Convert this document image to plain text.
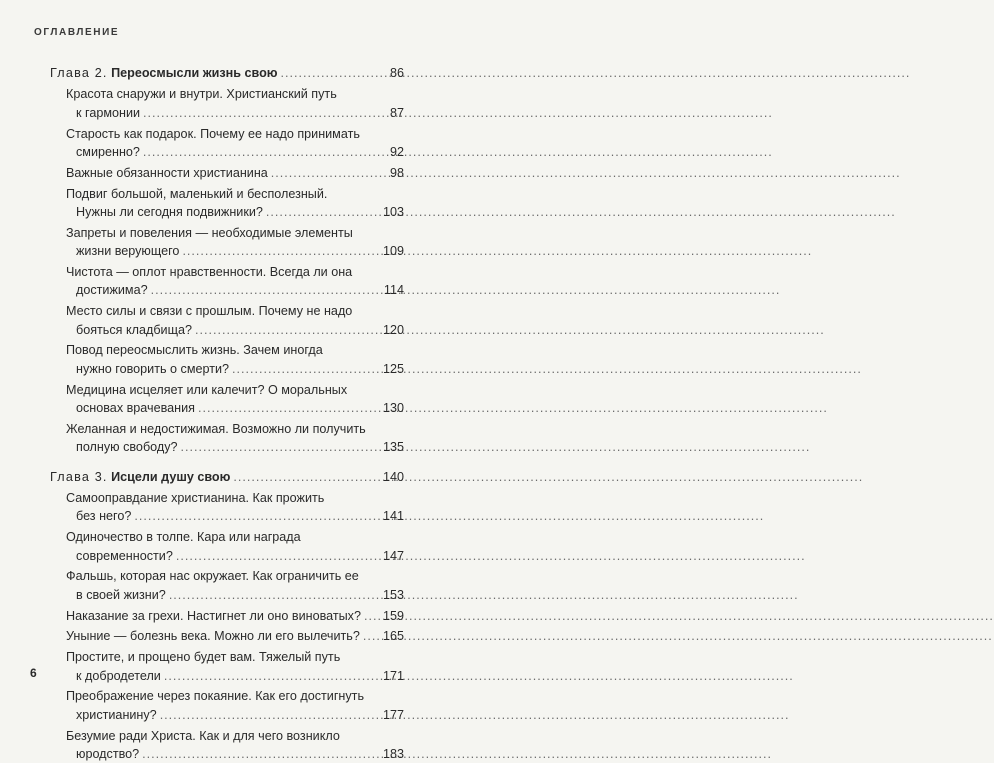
ОГЛАВЛЕНИЕ
Глава 2. Переосмысли жизнь свою .....	86
Красота снаружи и внутри. Христианский путь
к гармонии .....	87
Старость как подарок. Почему ее надо принимать
смиренно? .....	92
Важные обязанности христианина .....	98
Подвиг большой, маленький и бесполезный.
Нужны ли сегодня подвижники? .....	103
Запреты и повеления — необходимые элементы
жизни верующего .....	109
Чистота — оплот нравственности. Всегда ли она
достижима? .....	114
Место силы и связи с прошлым. Почему не надо
бояться кладбища? .....	120
Повод переосмыслить жизнь. Зачем иногда
нужно говорить о смерти? .....	125
Медицина исцеляет или калечит? О моральных
основах врачевания .....	130
Желанная и недостижимая. Возможно ли получить
полную свободу? .....	135
Глава 3. Исцели душу свою .....	140
Самооправдание христианина. Как прожить
без него? .....	141
Одиночество в толпе. Кара или награда
современности? .....	147
Фальшь, которая нас окружает. Как ограничить ее
в своей жизни? .....	153
Наказание за грехи. Настигнет ли оно виноватых? ..... 159
Уныние — болезнь века. Можно ли его вылечить? ..... 165
Простите, и прощено будет вам. Тяжелый путь
к добродетели .....	171
Преображение через покаяние. Как его достигнуть
христианину? .....	177
Безумие ради Христа. Как и для чего возникло
юродство? .....	183
6
